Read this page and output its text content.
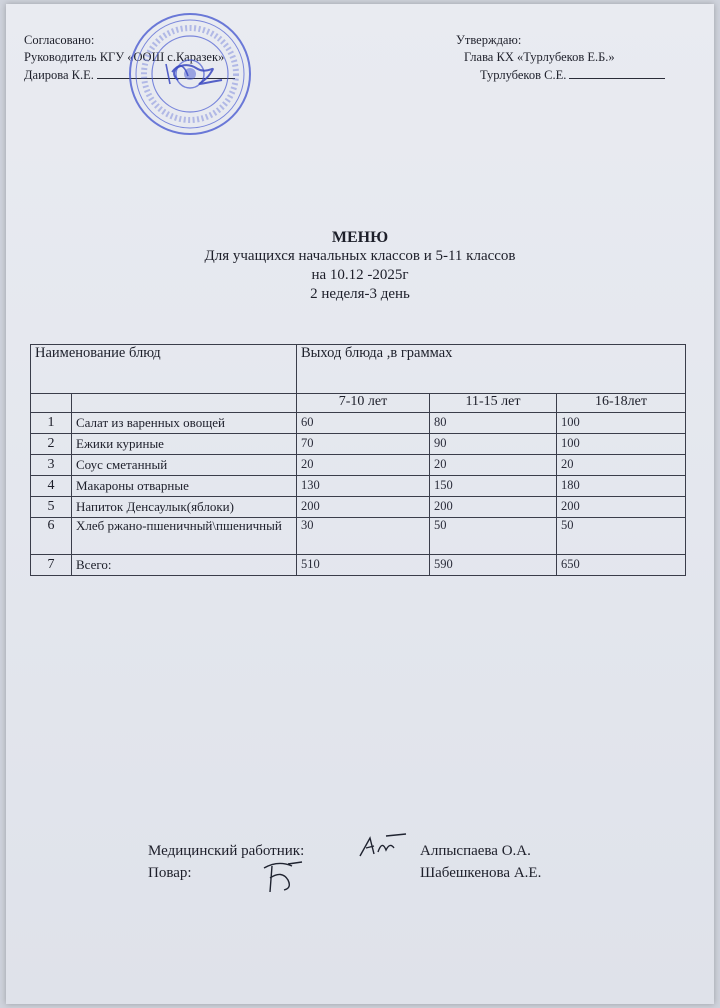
Согласовано:
Руководитель КГУ «ООШ с.Каразек»
Даирова К.Е.
Утверждаю:
Глава КХ «Турлубеков Е.Б.»
Турлубеков С.Е.
МЕНЮ
Для учащихся начальных классов и 5-11 классов
на 10.12 -2025г
2 неделя-3 день
Наименование блюд		Выход блюда ,в граммах		
		7-10 лет	11-15 лет	16-18лет
1	Салат из варенных овощей	60	80	100
2	Ежики куриные	70	90	100
3	Соус сметанный	20	20	20
4	Макароны отварные	130	150	180
5	Напиток Денсаулык(яблоки)	200	200	200
6	Хлеб ржано-пшеничный\пшеничный	30	50	50
7	Всего:	510	590	650
Медицинский работник:
Повар:
Алпыспаева О.А.
Шабешкенова А.Е.
